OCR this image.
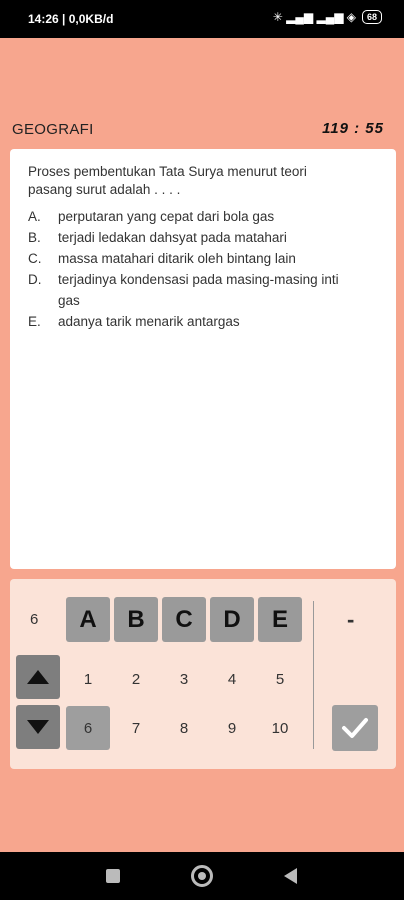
14:26 | 0,0KB/d	✳ ▂▄▆ ▂▄▆ ◈	68
GEOGRAFI	119 : 55
Proses pembentukan Tata Surya menurut teori pasang surut adalah . . . .
A.	perputaran yang cepat dari bola gas
B.	terjadi ledakan dahsyat pada matahari
C.	massa matahari ditarik oleh bintang lain
D.	terjadinya kondensasi pada masing-masing inti gas
E.	adanya tarik menarik antargas
6	A	B	C	D	E	-
1	2	3	4	5
6	7	8	9	10
